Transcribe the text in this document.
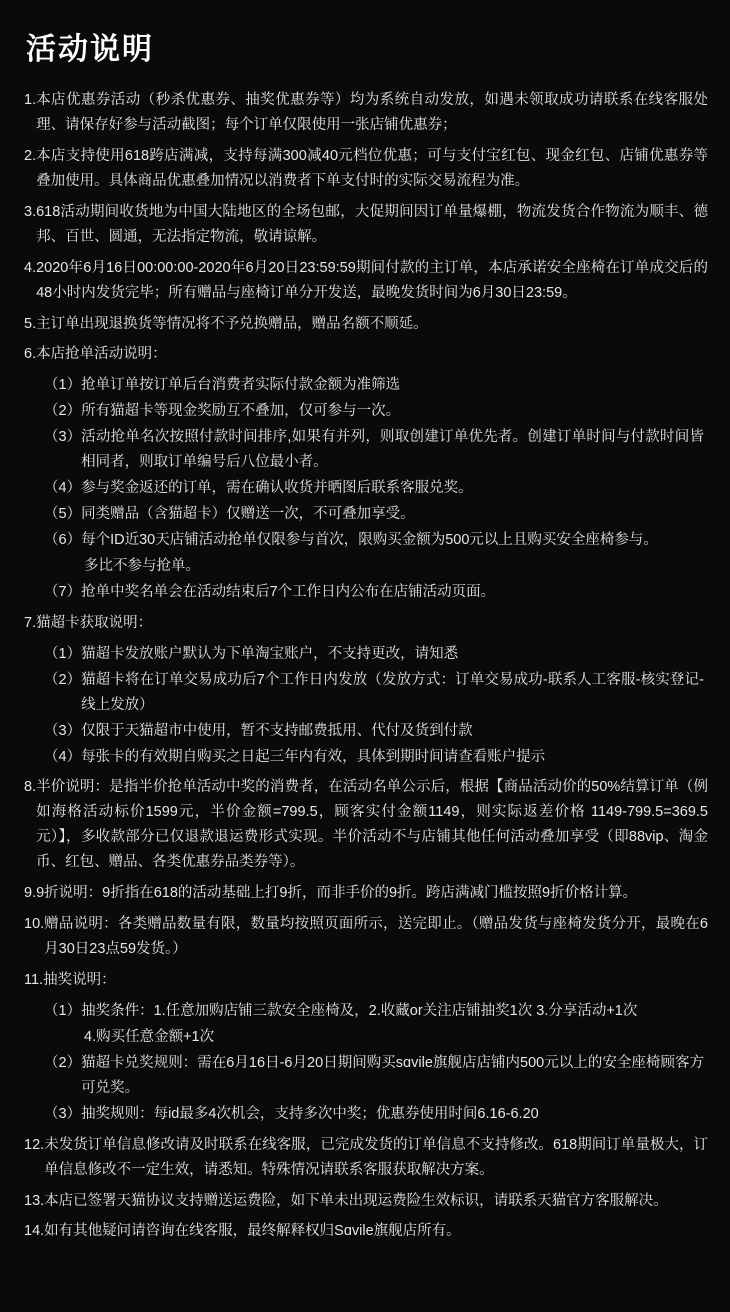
活动说明
1. 本店优惠券活动（秒杀优惠券、抽奖优惠券等）均为系统自动发放，如遇未领取成功请联系在线客服处理、请保存好参与活动截图；每个订单仅限使用一张店铺优惠券；
2. 本店支持使用618跨店满减，支持每满300减40元档位优惠；可与支付宝红包、现金红包、店铺优惠券等叠加使用。具体商品优惠叠加情况以消费者下单支付时的实际交易流程为准。
3. 618活动期间收货地为中国大陆地区的全场包邮，大促期间因订单量爆棚，物流发货合作物流为顺丰、德邦、百世、圆通，无法指定物流，敬请谅解。
4. 2020年6月16日00:00:00-2020年6月20日23:59:59期间付款的主订单，本店承诺安全座椅在订单成交后的48小时内发货完毕；所有赠品与座椅订单分开发送，最晚发货时间为6月30日23:59。
5. 主订单出现退换货等情况将不予兑换赠品，赠品名额不顺延。
6. 本店抢单活动说明：
（1） 抢单订单按订单后台消费者实际付款金额为准筛选
（2） 所有猫超卡等现金奖励互不叠加，仅可参与一次。
（3） 活动抢单名次按照付款时间排序,如果有并列，则取创建订单优先者。创建订单时间与付款时间皆相同者，则取订单编号后八位最小者。
（4） 参与奖金返还的订单，需在确认收货并晒图后联系客服兑奖。
（5） 同类赠品（含猫超卡）仅赠送一次，不可叠加享受。
（6） 每个ID近30天店铺活动抢单仅限参与首次，限购买金额为500元以上且购买安全座椅参与。
多比不参与抢单。
（7） 抢单中奖名单会在活动结束后7个工作日内公布在店铺活动页面。
7. 猫超卡获取说明：
（1） 猫超卡发放账户默认为下单淘宝账户，不支持更改，请知悉
（2） 猫超卡将在订单交易成功后7个工作日内发放（发放方式：订单交易成功-联系人工客服-核实登记-线上发放）
（3） 仅限于天猫超市中使用，暂不支持邮费抵用、代付及货到付款
（4） 每张卡的有效期自购买之日起三年内有效，具体到期时间请查看账户提示
8. 半价说明：是指半价抢单活动中奖的消费者，在活动名单公示后，根据【商品活动价的50%结算订单（例如海格活动标价1599元，半价金额=799.5，顾客实付金额1149，则实际返差价格 1149-799.5=369.5元）】，多收款部分已仅退款退运费形式实现。半价活动不与店铺其他任何活动叠加享受（即88vip、淘金币、红包、赠品、各类优惠券品类券等）。
9. 9折说明：9折指在618的活动基础上打9折，而非手价的9折。跨店满减门槛按照9折价格计算。
10. 赠品说明：各类赠品数量有限，数量均按照页面所示，送完即止。（赠品发货与座椅发货分开，最晚在6月30日23点59发货。）
11. 抽奖说明：
（1） 抽奖条件：1.任意加购店铺三款安全座椅及，2.收藏or关注店铺抽奖1次 3.分享活动+1次
4.购买任意金额+1次
（2） 猫超卡兑奖规则：需在6月16日-6月20日期间购买sɑvile旗舰店店铺内500元以上的安全座椅顾客方可兑奖。
（3） 抽奖规则：每id最多4次机会，支持多次中奖；优惠券使用时间6.16-6.20
12. 未发货订单信息修改请及时联系在线客服，已完成发货的订单信息不支持修改。618期间订单量极大，订单信息修改不一定生效，请悉知。特殊情况请联系客服获取解决方案。
13. 本店已签署天猫协议支持赠送运费险，如下单未出现运费险生效标识，请联系天猫官方客服解决。
14. 如有其他疑问请咨询在线客服，最终解释权归Sɑvile旗舰店所有。
